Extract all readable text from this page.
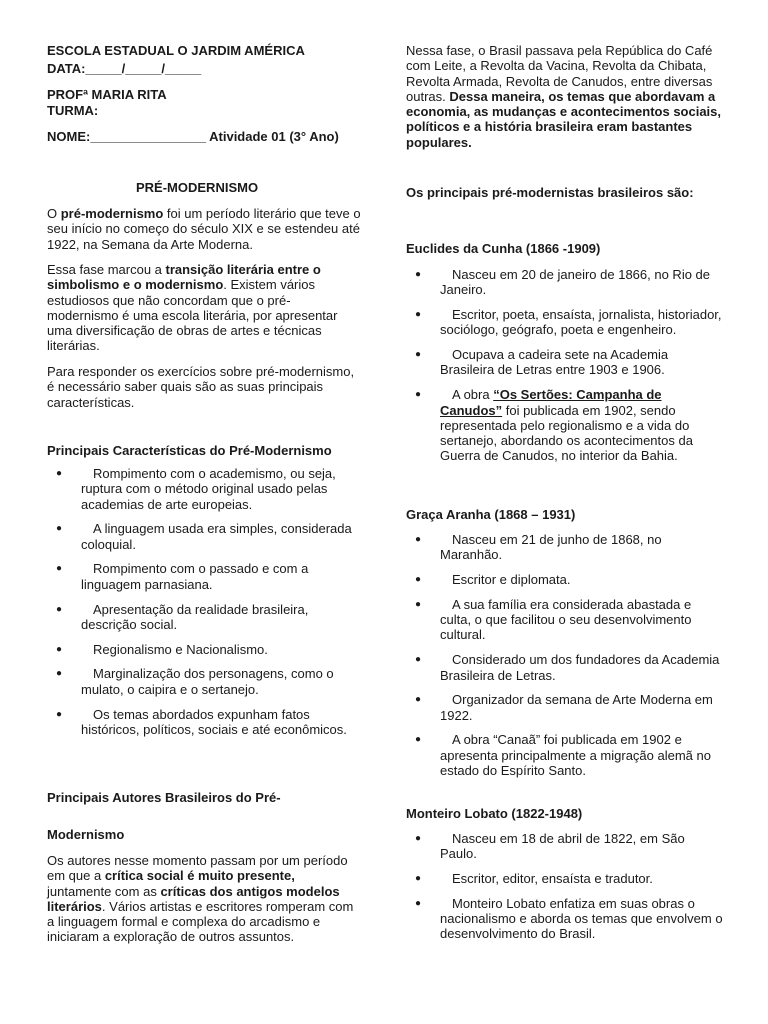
ESCOLA ESTADUAL O JARDIM AMÉRICA
DATA:_____/_____/_____
PROFª MARIA RITA
TURMA:
NOME:________________ Atividade 01 (3° Ano)
PRÉ-MODERNISMO
O pré-modernismo foi um período literário que teve o seu início no começo do século XIX e se estendeu até 1922, na Semana da Arte Moderna.
Essa fase marcou a transição literária entre o simbolismo e o modernismo. Existem vários estudiosos que não concordam que o pré-modernismo é uma escola literária, por apresentar uma diversificação de obras de artes e técnicas literárias.
Para responder os exercícios sobre pré-modernismo, é necessário saber quais são as suas principais características.
Principais Características do Pré-Modernismo
● Rompimento com o academismo, ou seja, ruptura com o método original usado pelas academias de arte europeias.
● A linguagem usada era simples, considerada coloquial.
● Rompimento com o passado e com a linguagem parnasiana.
● Apresentação da realidade brasileira, descrição social.
● Regionalismo e Nacionalismo.
● Marginalização dos personagens, como o mulato, o caipira e o sertanejo.
● Os temas abordados expunham fatos históricos, políticos, sociais e até econômicos.
Principais Autores Brasileiros do Pré-
Modernismo
Os autores nesse momento passam por um período em que a crítica social é muito presente, juntamente com as críticas dos antigos modelos literários. Vários artistas e escritores romperam com a linguagem formal e complexa do arcadismo e iniciaram a exploração de outros assuntos.
Nessa fase, o Brasil passava pela República do Café com Leite, a Revolta da Vacina, Revolta da Chibata, Revolta Armada, Revolta de Canudos, entre diversas outras. Dessa maneira, os temas que abordavam a economia, as mudanças e acontecimentos sociais, políticos e a história brasileira eram bastantes populares.
Os principais pré-modernistas brasileiros são:
Euclides da Cunha (1866 -1909)
● Nasceu em 20 de janeiro de 1866, no Rio de Janeiro.
● Escritor, poeta, ensaísta, jornalista, historiador, sociólogo, geógrafo, poeta e engenheiro.
● Ocupava a cadeira sete na Academia Brasileira de Letras entre 1903 e 1906.
● A obra “Os Sertões: Campanha de Canudos” foi publicada em 1902, sendo representada pelo regionalismo e a vida do sertanejo, abordando os acontecimentos da Guerra de Canudos, no interior da Bahia.
Graça Aranha (1868 – 1931)
● Nasceu em 21 de junho de 1868, no Maranhão.
● Escritor e diplomata.
● A sua família era considerada abastada e culta, o que facilitou o seu desenvolvimento cultural.
● Considerado um dos fundadores da Academia Brasileira de Letras.
● Organizador da semana de Arte Moderna em 1922.
● A obra “Canaã” foi publicada em 1902 e apresenta principalmente a migração alemã no estado do Espírito Santo.
Monteiro Lobato (1822-1948)
● Nasceu em 18 de abril de 1822, em São Paulo.
● Escritor, editor, ensaísta e tradutor.
● Monteiro Lobato enfatiza em suas obras o nacionalismo e aborda os temas que envolvem o desenvolvimento do Brasil.
